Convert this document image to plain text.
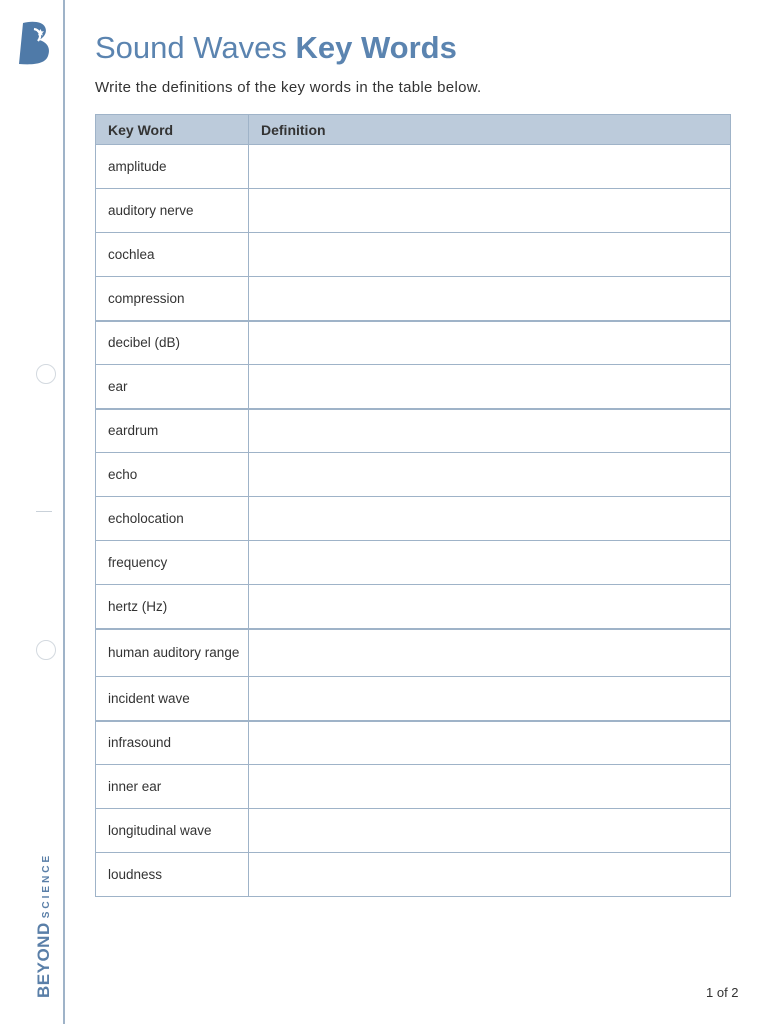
BEYONDSCIENCE
Sound Waves Key Words
Write the definitions of the key words in the table below.
Key Word	Definition
amplitude	
auditory nerve	
cochlea	
compression	
decibel (dB)	
ear	
eardrum	
echo	
echolocation	
frequency	
hertz (Hz)	
human auditory range	
incident wave	
infrasound	
inner ear	
longitudinal wave	
loudness	
1 of 2
